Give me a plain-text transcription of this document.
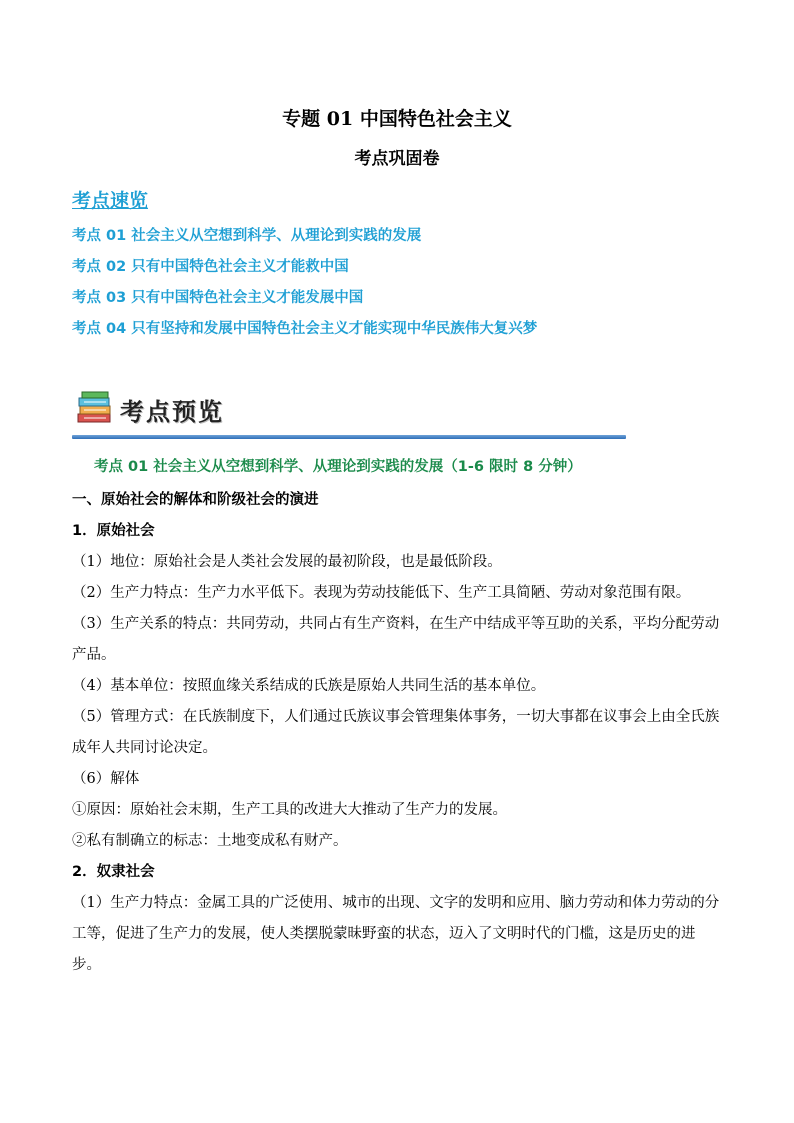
专题 01 中国特色社会主义
考点巩固卷
考点速览
考点 01 社会主义从空想到科学、从理论到实践的发展
考点 02 只有中国特色社会主义才能救中国
考点 03 只有中国特色社会主义才能发展中国
考点 04 只有坚持和发展中国特色社会主义才能实现中华民族伟大复兴梦
考点预览
考点 01 社会主义从空想到科学、从理论到实践的发展（1-6 限时 8 分钟）

一、原始社会的解体和阶级社会的演进

1．原始社会

（1）地位：原始社会是人类社会发展的最初阶段，也是最低阶段。

（2）生产力特点：生产力水平低下。表现为劳动技能低下、生产工具简陋、劳动对象范围有限。

（3）生产关系的特点：共同劳动，共同占有生产资料，在生产中结成平等互助的关系，平均分配劳动产品。

（4）基本单位：按照血缘关系结成的氏族是原始人共同生活的基本单位。

（5）管理方式：在氏族制度下，人们通过氏族议事会管理集体事务，一切大事都在议事会上由全氏族成年人共同讨论决定。

（6）解体

①原因：原始社会末期，生产工具的改进大大推动了生产力的发展。

②私有制确立的标志：土地变成私有财产。

2．奴隶社会

（1）生产力特点：金属工具的广泛使用、城市的出现、文字的发明和应用、脑力劳动和体力劳动的分工等，促进了生产力的发展，使人类摆脱蒙昧野蛮的状态，迈入了文明时代的门槛，这是历史的进步。
